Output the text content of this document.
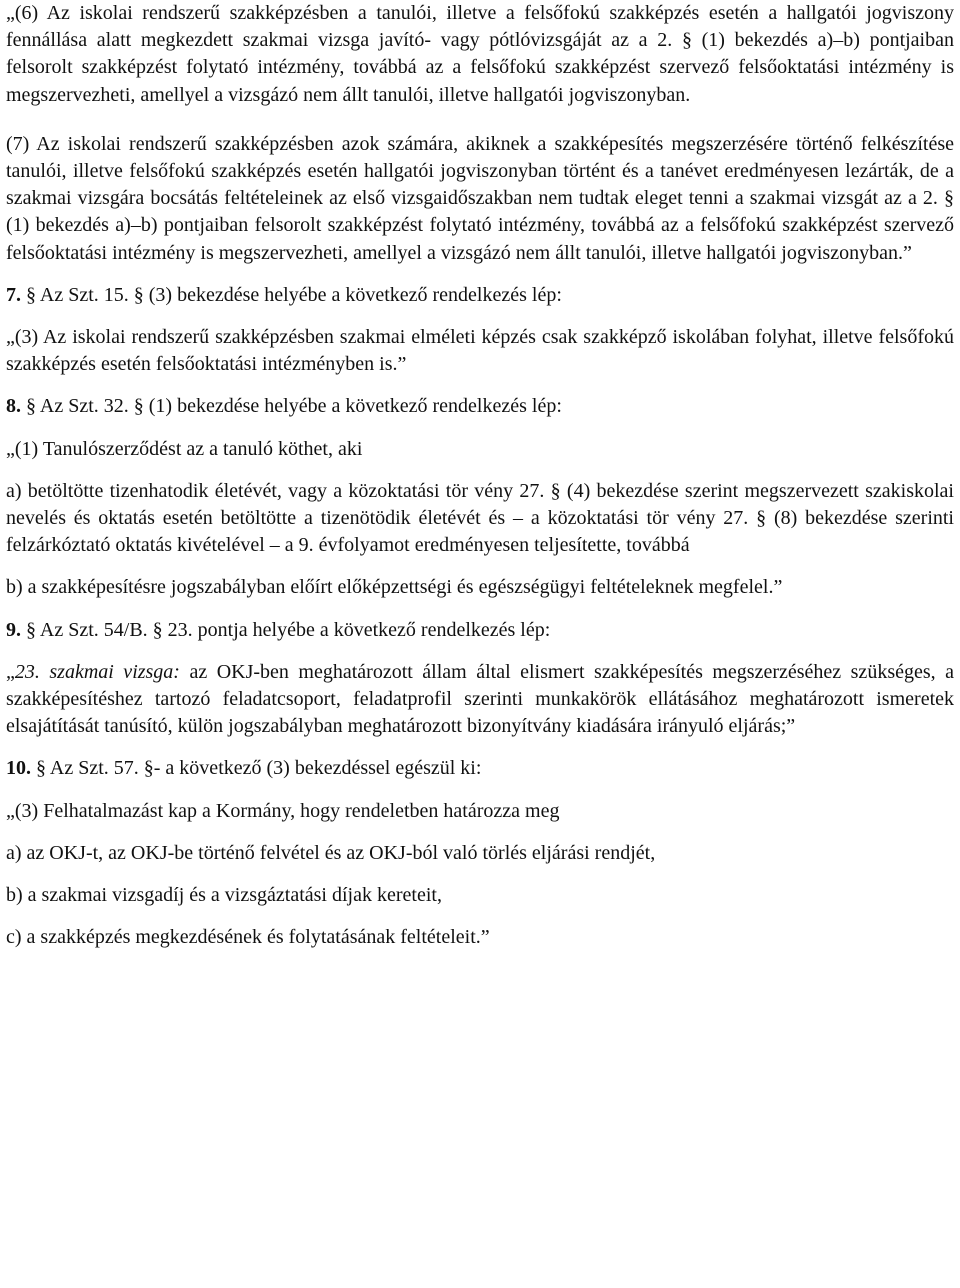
„(6) Az iskolai rendszerű szakképzésben a tanulói, illetve a felsőfokú szakképzés esetén a hallgatói jogviszony fennállása alatt megkezdett szakmai vizsga javító- vagy pótlóvizsgáját az a 2. § (1) bekezdés a)–b) pontjaiban felsorolt szakképzést folytató intézmény, továbbá az a felsőfokú szakképzést szervező felsőoktatási intézmény is megszervezheti, amellyel a vizsgázó nem állt tanulói, illetve hallgatói jogviszonyban.

(7) Az iskolai rendszerű szakképzésben azok számára, akiknek a szakképesítés megszerzésére történő felkészítése tanulói, illetve felsőfokú szakképzés esetén hallgatói jogviszonyban történt és a tanévet eredményesen lezárták, de a szakmai vizsgára bocsátás feltételeinek az első vizsgaidőszakban nem tudtak eleget tenni a szakmai vizsgát az a 2. § (1) bekezdés a)–b) pontjaiban felsorolt szakképzést folytató intézmény, továbbá az a felsőfokú szakképzést szervező felsőoktatási intézmény is megszervezheti, amellyel a vizsgázó nem állt tanulói, illetve hallgatói jogviszonyban.”

7. § Az Szt. 15. § (3) bekezdése helyébe a következő rendelkezés lép:

„(3) Az iskolai rendszerű szakképzésben szakmai elméleti képzés csak szakképző iskolában folyhat, illetve felsőfokú szakképzés esetén felsőoktatási intézményben is.”

8. § Az Szt. 32. § (1) bekezdése helyébe a következő rendelkezés lép:

„(1) Tanulószerződést az a tanuló köthet, aki

a) betöltötte tizenhatodik életévét, vagy a közoktatási tör vény 27. § (4) bekezdése szerint megszervezett szakiskolai nevelés és oktatás esetén betöltötte a tizenötödik életévét és – a közoktatási tör vény 27. § (8) bekezdése szerinti felzárkóztató oktatás kivételével – a 9. évfolyamot eredményesen teljesítette, továbbá

b) a szakképesítésre jogszabályban előírt előképzettségi és egészségügyi feltételeknek megfelel.”

9. § Az Szt. 54/B. § 23. pontja helyébe a következő rendelkezés lép:

„23. szakmai vizsga: az OKJ-ben meghatározott állam által elismert szakképesítés megszerzéséhez szükséges, a szakképesítéshez tartozó feladatcsoport, feladatprofil szerinti munkakörök ellátásához meghatározott ismeretek elsajátítását tanúsító, külön jogszabályban meghatározott bizonyítvány kiadására irányuló eljárás;”

10. § Az Szt. 57. §- a következő (3) bekezdéssel egészül ki:

„(3) Felhatalmazást kap a Kormány, hogy rendeletben határozza meg

a) az OKJ-t, az OKJ-be történő felvétel és az OKJ-ból való törlés eljárási rendjét,

b) a szakmai vizsgadíj és a vizsgáztatási díjak kereteit,

c) a szakképzés megkezdésének és folytatásának feltételeit.”
